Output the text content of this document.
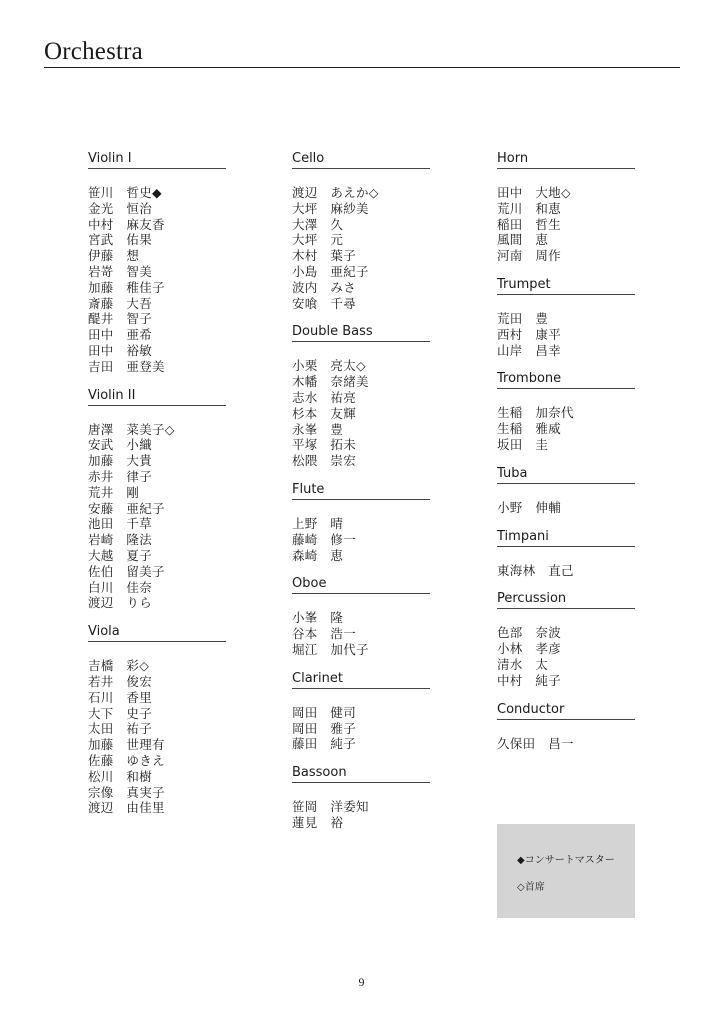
Orchestra
Violin I
笹川　哲史◆
金光　恒治
中村　麻友香
宮武　佑果
伊藤　想
岩嵜　智美
加藤　稚佳子
斎藤　大吾
醍井　智子
田中　亜希
田中　裕敏
吉田　亜登美
Violin II
唐澤　菜美子◇
安武　小織
加藤　大貴
赤井　律子
荒井　剛
安藤　亜紀子
池田　千草
岩崎　隆法
大越　夏子
佐伯　留美子
白川　佳奈
渡辺　りら
Viola
吉橋　彩◇
若井　俊宏
石川　香里
大下　史子
太田　祐子
加藤　世理有
佐藤　ゆきえ
松川　和樹
宗像　真実子
渡辺　由佳里
Cello
渡辺　あえか◇
大坪　麻紗美
大澤　久
大坪　元
木村　葉子
小島　亜紀子
波内　みさ
安喰　千尋
Double Bass
小栗　亮太◇
木幡　奈緒美
志水　祐亮
杉本　友輝
永峯　豊
平塚　拓未
松隈　崇宏
Flute
上野　晴
藤崎　修一
森崎　恵
Oboe
小峯　隆
谷本　浩一
堀江　加代子
Clarinet
岡田　健司
岡田　雅子
藤田　純子
Bassoon
笹岡　洋委知
蓮見　裕
Horn
田中　大地◇
荒川　和恵
稲田　哲生
風間　恵
河南　周作
Trumpet
荒田　豊
西村　康平
山岸　昌幸
Trombone
生稲　加奈代
生稲　雅威
坂田　圭
Tuba
小野　伸輔
Timpani
東海林　直己
Percussion
色部　奈波
小林　孝彦
清水　太
中村　純子
Conductor
久保田　昌一
◆コンサートマスター
◇首席
9
